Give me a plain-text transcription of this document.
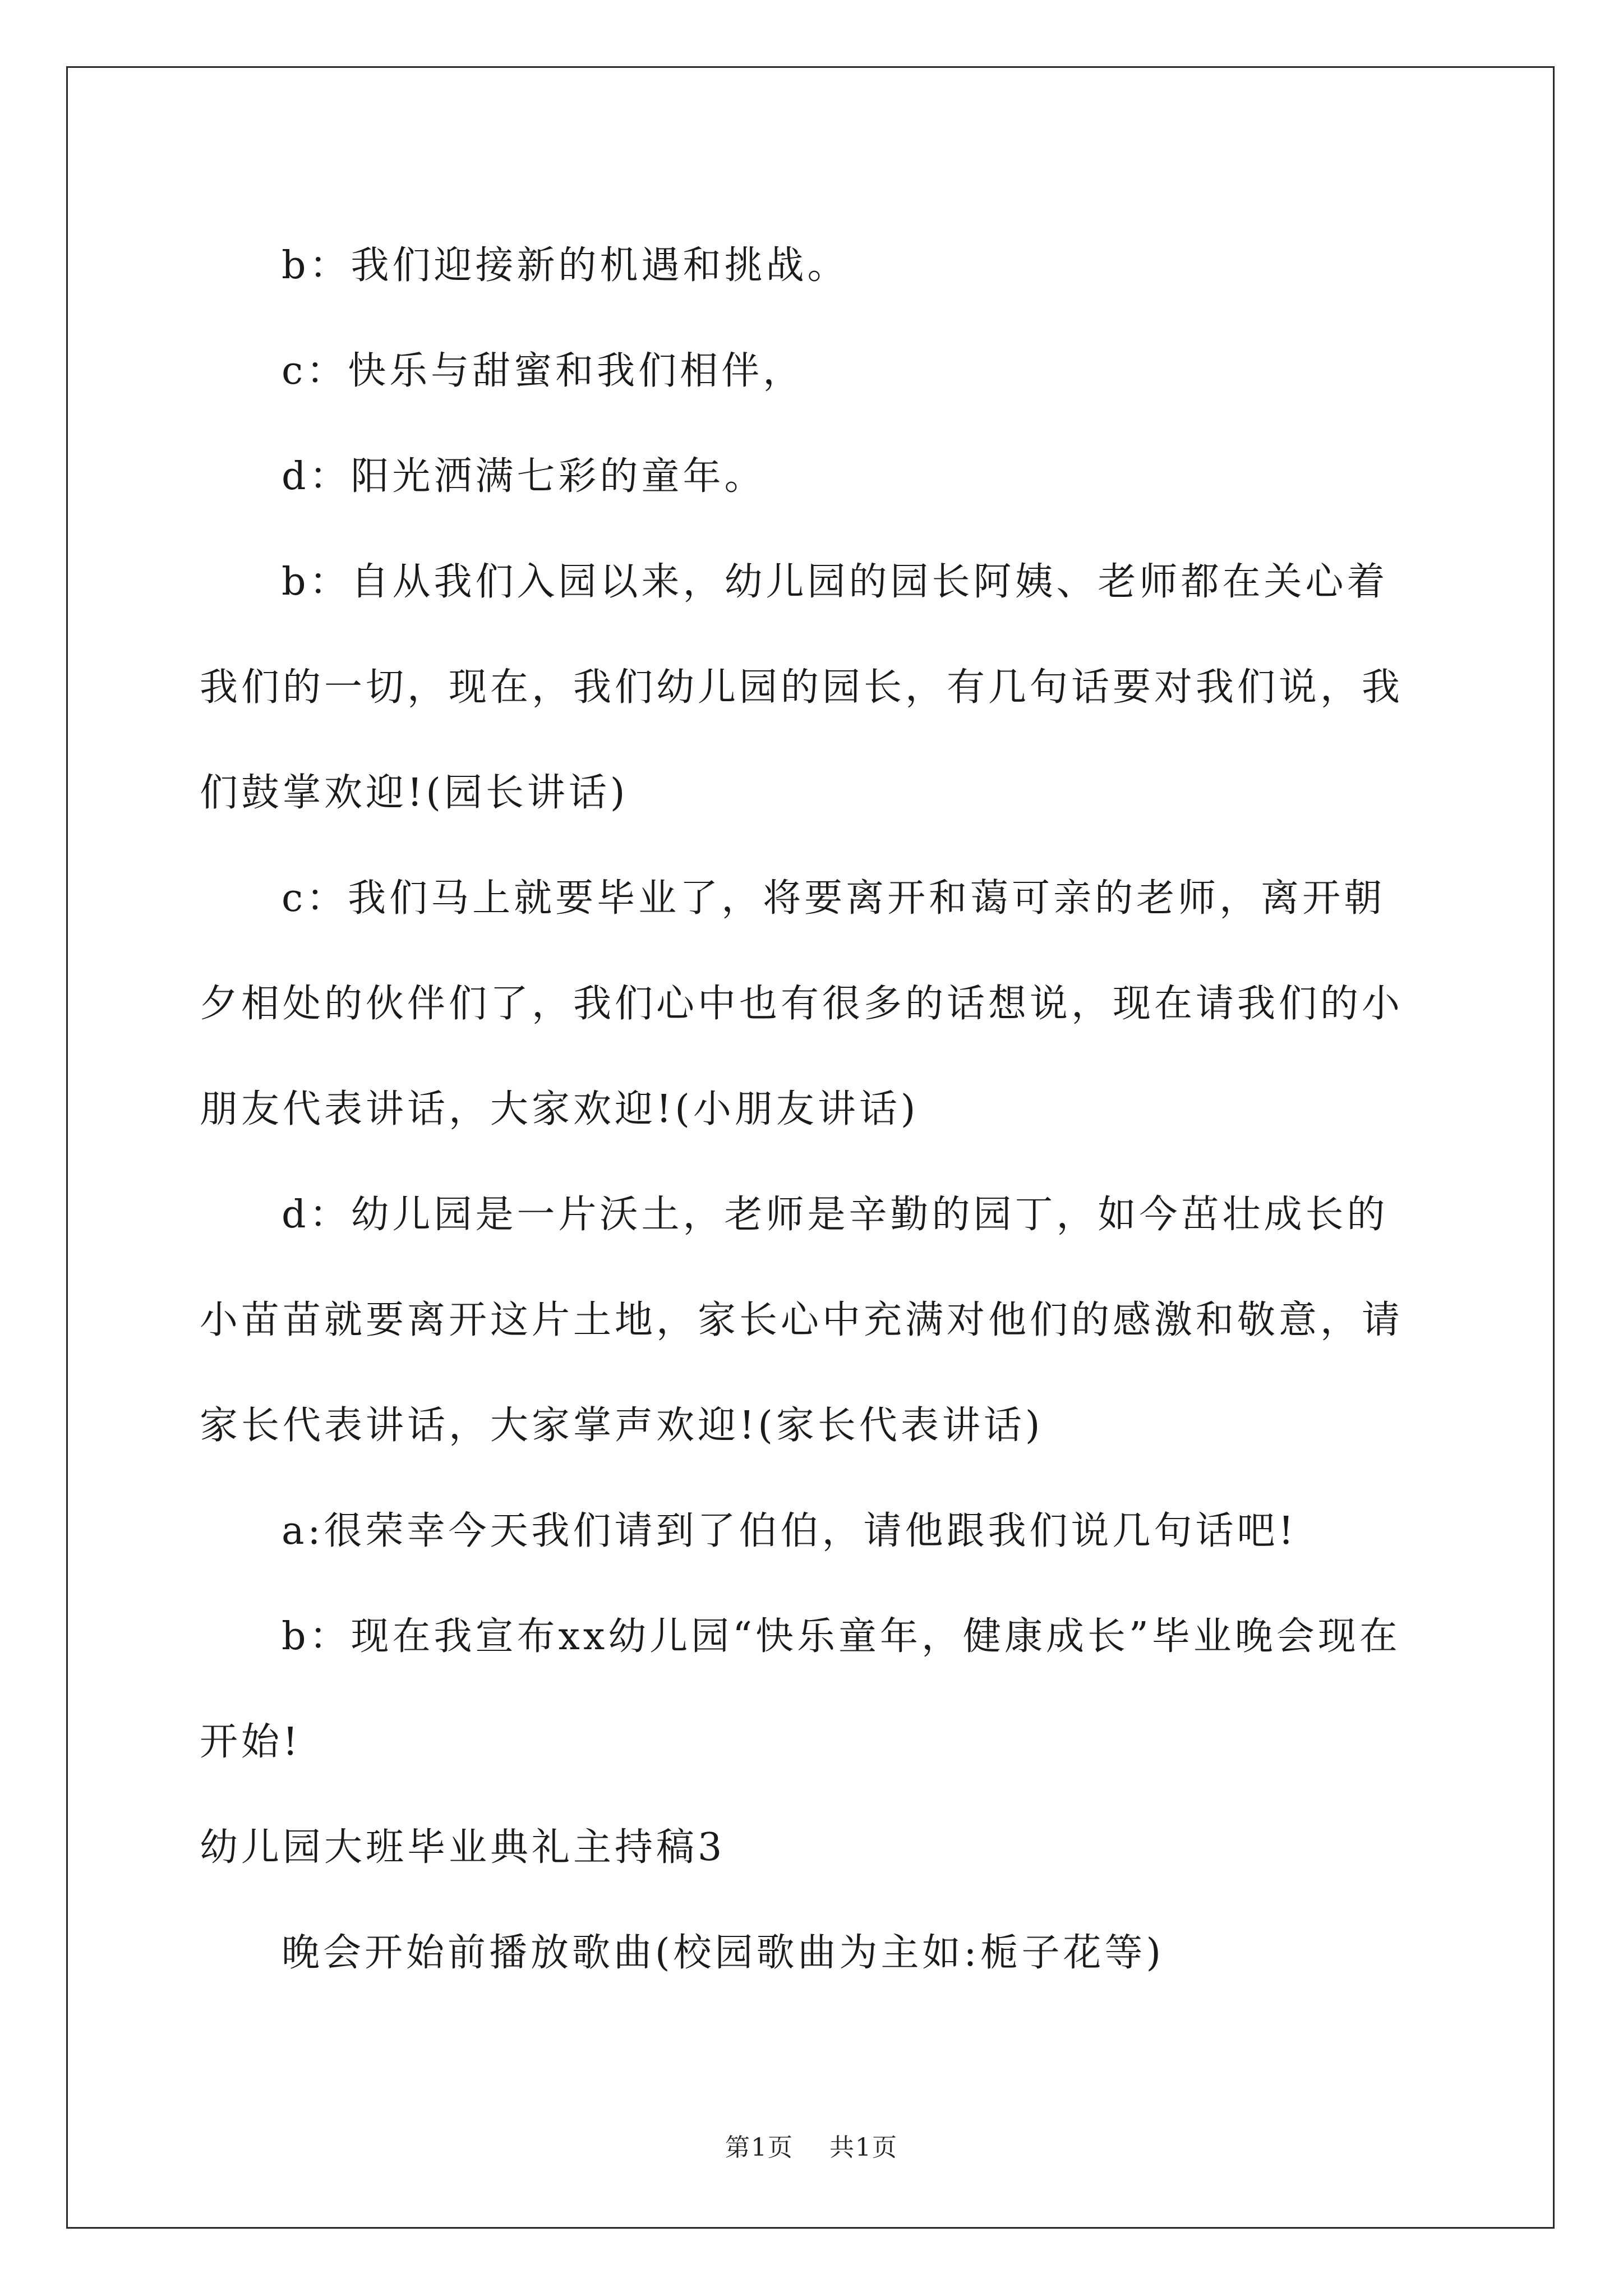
b：我们迎接新的机遇和挑战。

c：快乐与甜蜜和我们相伴，

d：阳光洒满七彩的童年。

b：自从我们入园以来，幼儿园的园长阿姨、老师都在关心着我们的一切，现在，我们幼儿园的园长，有几句话要对我们说，我们鼓掌欢迎!(园长讲话)

c：我们马上就要毕业了，将要离开和蔼可亲的老师，离开朝夕相处的伙伴们了，我们心中也有很多的话想说，现在请我们的小朋友代表讲话，大家欢迎!(小朋友讲话)

d：幼儿园是一片沃土，老师是辛勤的园丁，如今茁壮成长的小苗苗就要离开这片土地，家长心中充满对他们的感激和敬意，请家长代表讲话，大家掌声欢迎!(家长代表讲话)

a:很荣幸今天我们请到了伯伯，请他跟我们说几句话吧!

b：现在我宣布xx幼儿园“快乐童年，健康成长”毕业晚会现在开始!

幼儿园大班毕业典礼主持稿3

晚会开始前播放歌曲(校园歌曲为主如:栀子花等)

第1页 共1页
